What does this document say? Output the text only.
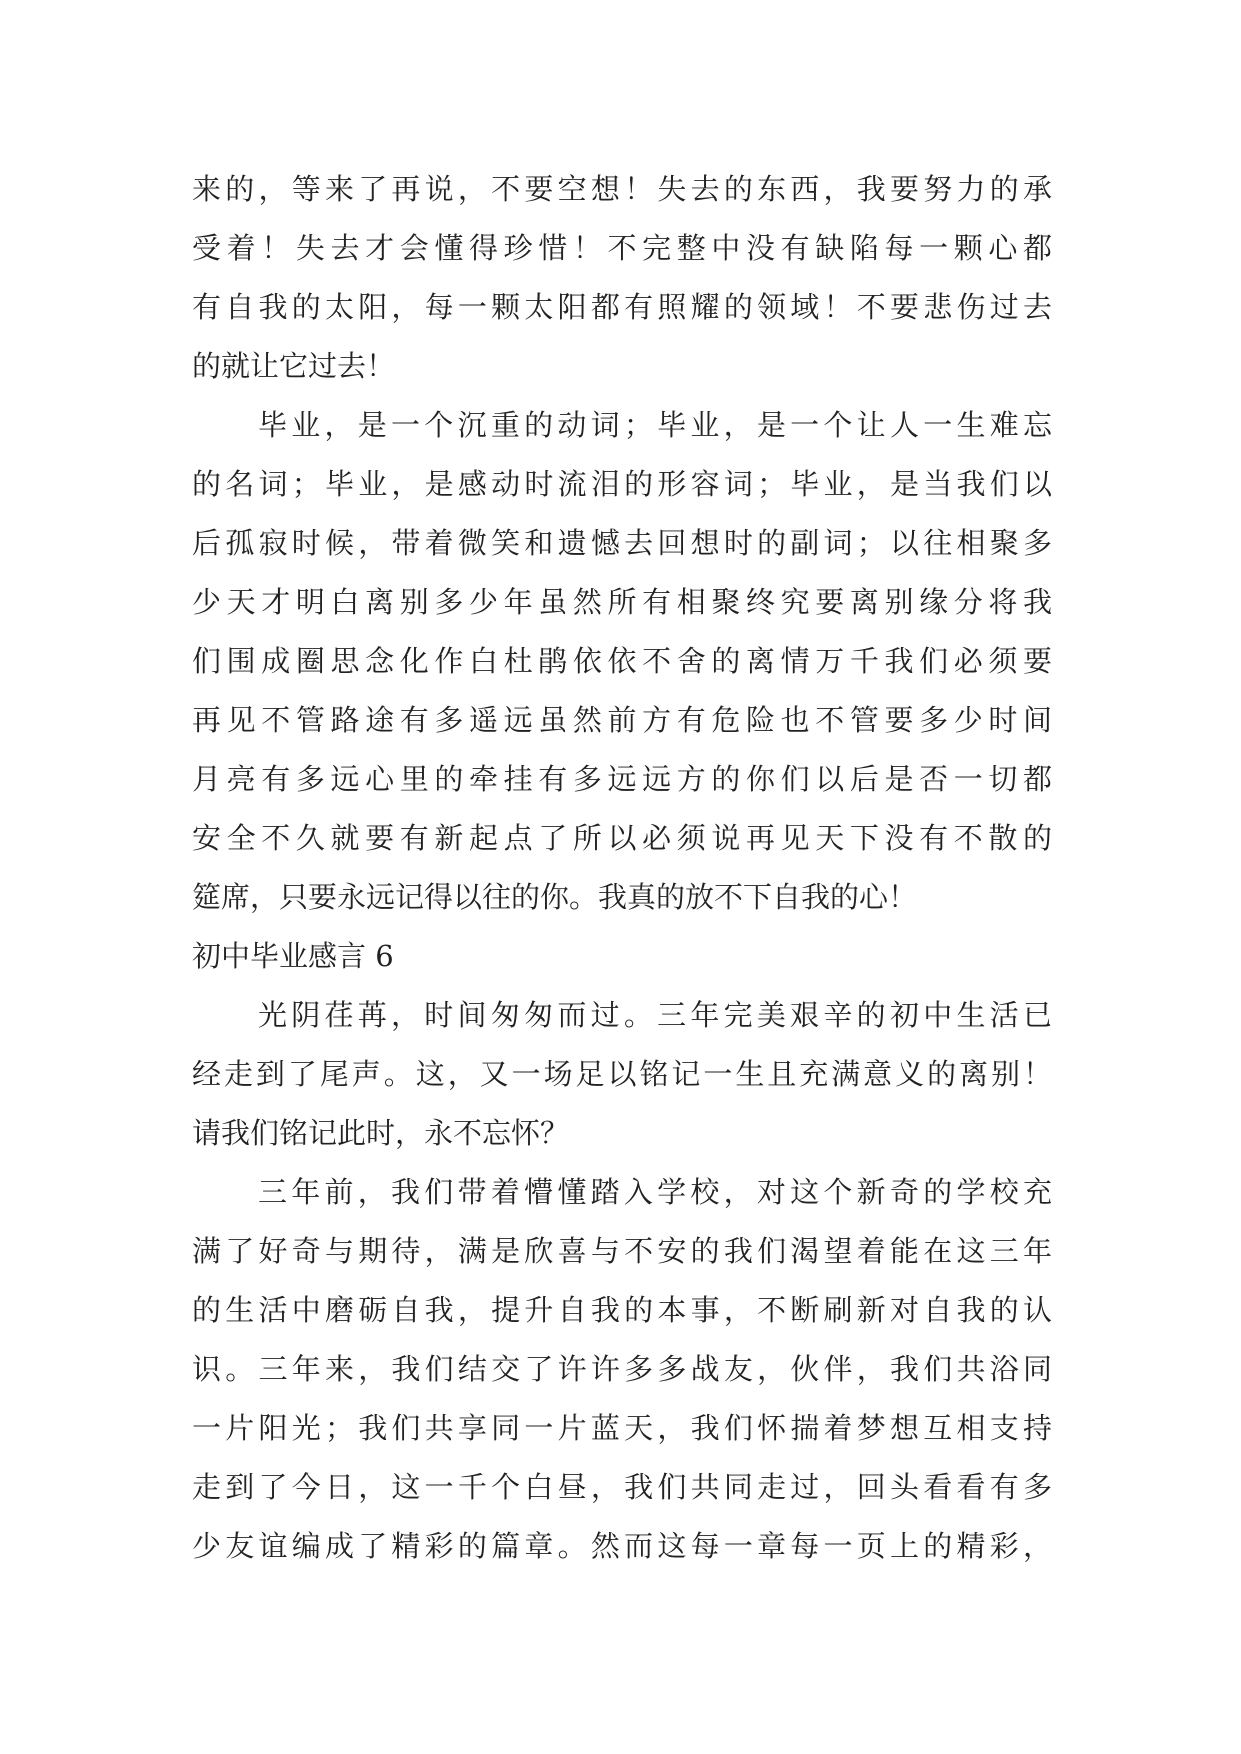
来的，等来了再说，不要空想！失去的东西，我要努力的承
受着！失去才会懂得珍惜！不完整中没有缺陷每一颗心都
有自我的太阳，每一颗太阳都有照耀的领域！不要悲伤过去
的就让它过去！
毕业，是一个沉重的动词；毕业，是一个让人一生难忘
的名词；毕业，是感动时流泪的形容词；毕业，是当我们以
后孤寂时候，带着微笑和遗憾去回想时的副词；以往相聚多
少天才明白离别多少年虽然所有相聚终究要离别缘分将我
们围成圈思念化作白杜鹃依依不舍的离情万千我们必须要
再见不管路途有多遥远虽然前方有危险也不管要多少时间
月亮有多远心里的牵挂有多远远方的你们以后是否一切都
安全不久就要有新起点了所以必须说再见天下没有不散的
筵席，只要永远记得以往的你。我真的放不下自我的心！
初中毕业感言 6
光阴荏苒，时间匆匆而过。三年完美艰辛的初中生活已
经走到了尾声。这，又一场足以铭记一生且充满意义的离别！
请我们铭记此时，永不忘怀？
三年前，我们带着懵懂踏入学校，对这个新奇的学校充
满了好奇与期待，满是欣喜与不安的我们渴望着能在这三年
的生活中磨砺自我，提升自我的本事，不断刷新对自我的认
识。三年来，我们结交了许许多多战友，伙伴，我们共浴同
一片阳光；我们共享同一片蓝天，我们怀揣着梦想互相支持
走到了今日，这一千个白昼，我们共同走过，回头看看有多
少友谊编成了精彩的篇章。然而这每一章每一页上的精彩，
